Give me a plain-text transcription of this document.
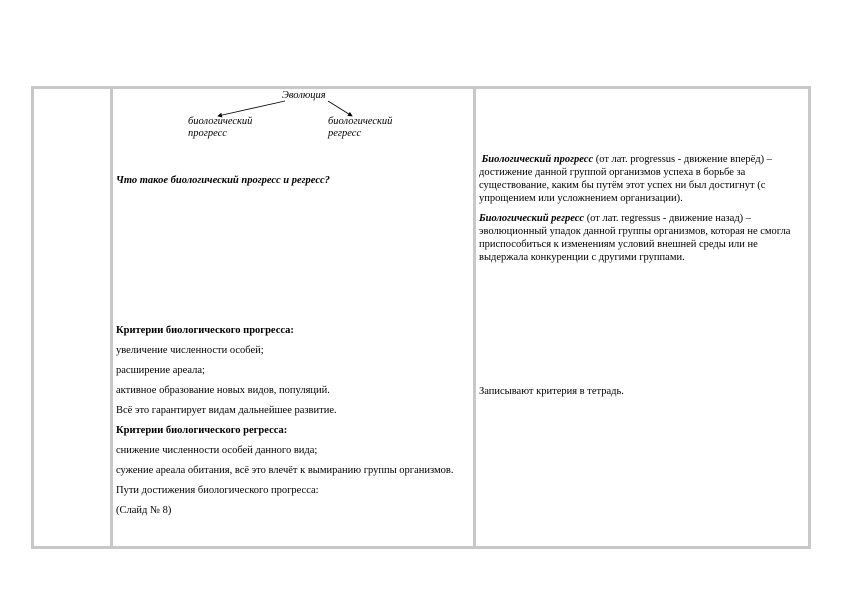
Эволюция
биологический
прогресс
биологический
регресс
Что такое биологический прогресс и регресс?

Критерии биологического прогресса:

увеличение численности особей;

расширение ареала;

активное образование новых видов, популяций.

Всё это гарантирует видам дальнейшее развитие.

Критерии биологического регресса:

снижение численности особей данного вида;

сужение ареала обитания, всё это влечёт к вымиранию группы организмов.

Пути достижения биологического прогресса:

(Слайд № 8)

Биологический прогресс (от лат. progressus - движение вперёд) – достижение данной группой организмов успеха в борьбе за существование, каким бы путём этот успех ни был достигнут (с упрощением или усложнением организации).

Биологический регресс (от лат. regressus - движение назад) – эволюционный упадок данной группы организмов, которая не смогла приспособиться к изменениям условий внешней среды или не выдержала конкуренции с другими группами.

Записывают критерия в тетрадь.
